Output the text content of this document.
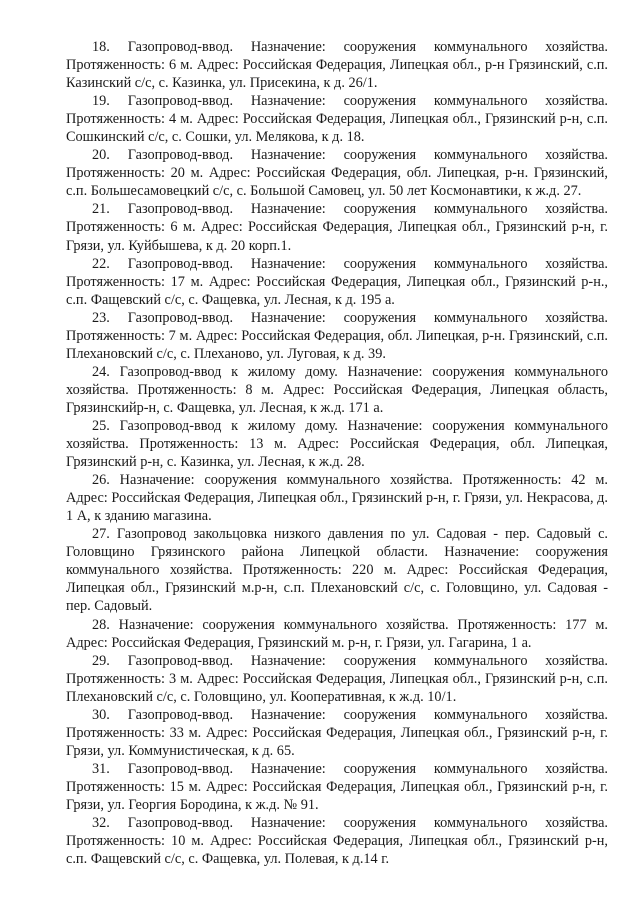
18. Газопровод-ввод. Назначение: сооружения коммунального хозяйства. Протяженность: 6 м. Адрес: Российская Федерация, Липецкая обл., р-н Грязинский, с.п. Казинский с/с, с. Казинка, ул. Присекина, к д. 26/1.

19. Газопровод-ввод. Назначение: сооружения коммунального хозяйства. Протяженность: 4 м. Адрес: Российская Федерация, Липецкая обл., Грязинский р-н, с.п. Сошкинский с/с, с. Сошки, ул. Мелякова, к д. 18.

20. Газопровод-ввод. Назначение: сооружения коммунального хозяйства. Протяженность: 20 м. Адрес: Российская Федерация, обл. Липецкая, р-н. Грязинский, с.п. Большесамовецкий с/с, с. Большой Самовец, ул. 50 лет Космонавтики, к ж.д. 27.

21. Газопровод-ввод. Назначение: сооружения коммунального хозяйства. Протяженность: 6 м. Адрес: Российская Федерация, Липецкая обл., Грязинский р-н, г. Грязи, ул. Куйбышева, к д. 20 корп.1.

22. Газопровод-ввод. Назначение: сооружения коммунального хозяйства. Протяженность: 17 м. Адрес: Российская Федерация, Липецкая обл., Грязинский р-н., с.п. Фащевский с/с, с. Фащевка, ул. Лесная, к д. 195 а.

23. Газопровод-ввод. Назначение: сооружения коммунального хозяйства. Протяженность: 7 м. Адрес: Российская Федерация, обл. Липецкая, р-н. Грязинский, с.п. Плехановский с/с, с. Плеханово, ул. Луговая, к д. 39.

24. Газопровод-ввод к жилому дому. Назначение: сооружения коммунального хозяйства. Протяженность: 8 м. Адрес: Российская Федерация, Липецкая область, Грязинскийр-н, с. Фащевка, ул. Лесная, к ж.д. 171 а.

25. Газопровод-ввод к жилому дому. Назначение: сооружения коммунального хозяйства. Протяженность: 13 м. Адрес: Российская Федерация, обл. Липецкая, Грязинский р-н, с. Казинка, ул. Лесная, к ж.д. 28.

26. Назначение: сооружения коммунального хозяйства. Протяженность: 42 м. Адрес: Российская Федерация, Липецкая обл., Грязинский р-н, г. Грязи, ул. Некрасова, д. 1 А, к зданию магазина.

27. Газопровод закольцовка низкого давления по ул. Садовая - пер. Садовый с. Головщино Грязинского района Липецкой области. Назначение: сооружения коммунального хозяйства. Протяженность: 220 м. Адрес: Российская Федерация, Липецкая обл., Грязинский м.р-н, с.п. Плехановский с/с, с. Головщино, ул. Садовая - пер. Садовый.

28. Назначение: сооружения коммунального хозяйства. Протяженность: 177 м. Адрес: Российская Федерация, Грязинский м. р-н, г. Грязи, ул. Гагарина, 1 а.

29. Газопровод-ввод. Назначение: сооружения коммунального хозяйства. Протяженность: 3 м. Адрес: Российская Федерация, Липецкая обл., Грязинский р-н, с.п. Плехановский с/с, с. Головщино, ул. Кооперативная, к ж.д. 10/1.

30. Газопровод-ввод. Назначение: сооружения коммунального хозяйства. Протяженность: 33 м. Адрес: Российская Федерация, Липецкая обл., Грязинский р-н, г. Грязи, ул. Коммунистическая, к д. 65.

31. Газопровод-ввод. Назначение: сооружения коммунального хозяйства. Протяженность: 15 м. Адрес: Российская Федерация, Липецкая обл., Грязинский р-н, г. Грязи, ул. Георгия Бородина, к ж.д. № 91.

32. Газопровод-ввод. Назначение: сооружения коммунального хозяйства. Протяженность: 10 м. Адрес: Российская Федерация, Липецкая обл., Грязинский р-н, с.п. Фащевский с/с, с. Фащевка, ул. Полевая, к д.14 г.
